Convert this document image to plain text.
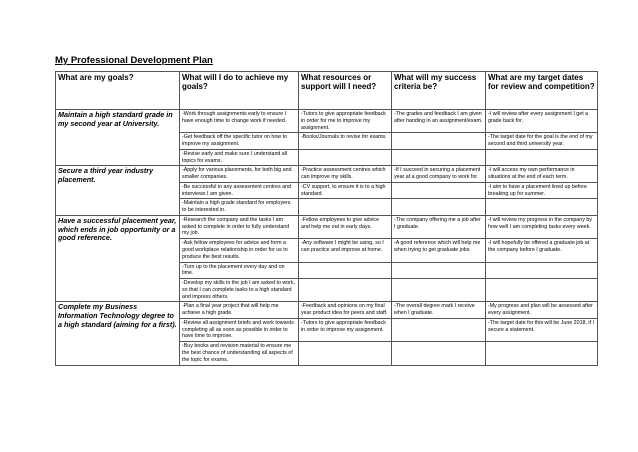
My Professional Development Plan
What are my goals?	What will I do to achieve my goals?	What resources or support will I need?	What will my success criteria be?	What are my target dates for review and competition?
Maintain a high standard grade in my second year at University.	-Work through assignments early to ensure I have enough time to change work if needed.	-Tutors to give appropriate feedback in order for me to improve my assignment.	-The grades and feedback I am given after handing in an assignment/exam.	-I will review after every assignment I get a grade back for.
	-Get feedback off the specific tutor on how to improve my assignment.	-Books/Journals to revise for exams.		-The target date for the goal is the end of my second and third university year.
	-Revise early and make sure I understand all topics for exams.			
Secure a third year industry placement.	-Apply for various placements, for both big and smaller companies.	-Practice assessment centres which can improve my skills.	-If I succeed in securing a placement year at a good company to work for.	-I will access my own performance in situations at the end of each term.
	-Be successful in any assessment centres and interviews I am given.	-CV support, to ensure it is to a high standard.		-I aim to have a placement lined up before breaking up for summer.
	-Maintain a high grade standard for employers to be interested in.			
Have a successful placement year, which ends in job opportunity or a good reference.	-Research the company and the tasks I am asked to complete in order to fully understand my job.	-Fellow employees to give advice and help me out in early days.	-The company offering me a job after I graduate.	-I will review my progress in the company by how well I am completing tasks every week.
	-Ask fellow employees for advice and form a good workplace relationship in order for us to produce the best results.	-Any software I might be using, so I can practice and improve at home.	-A good reference which will help me when trying to get graduate jobs.	-I will hopefully be offered a graduate job at the company before I graduate.
	-Turn up to the placement every day and on time.			
	-Develop my skills in the job I am asked to work, so that I can complete tasks to a high standard and impress others.			
Complete my Business Information Technology degree to a high standard (aiming for a first).	-Plan a final year project that will help me achieve a high grade.	-Feedback and opinions on my final year product idea for peers and staff.	-The overall degree mark I receive when I graduate.	-My progress and plan will be assessed after every assignment.
	-Review all assignment briefs and work towards completing all as soon as possible in order to have time to improve.	-Tutors to give appropriate feedback in order to improve my assignment.		-The target date for this will be June 2018, if I secure a statement.
	-Buy books and revision material to ensure me the best chance of understanding all aspects of the topic for exams.			
